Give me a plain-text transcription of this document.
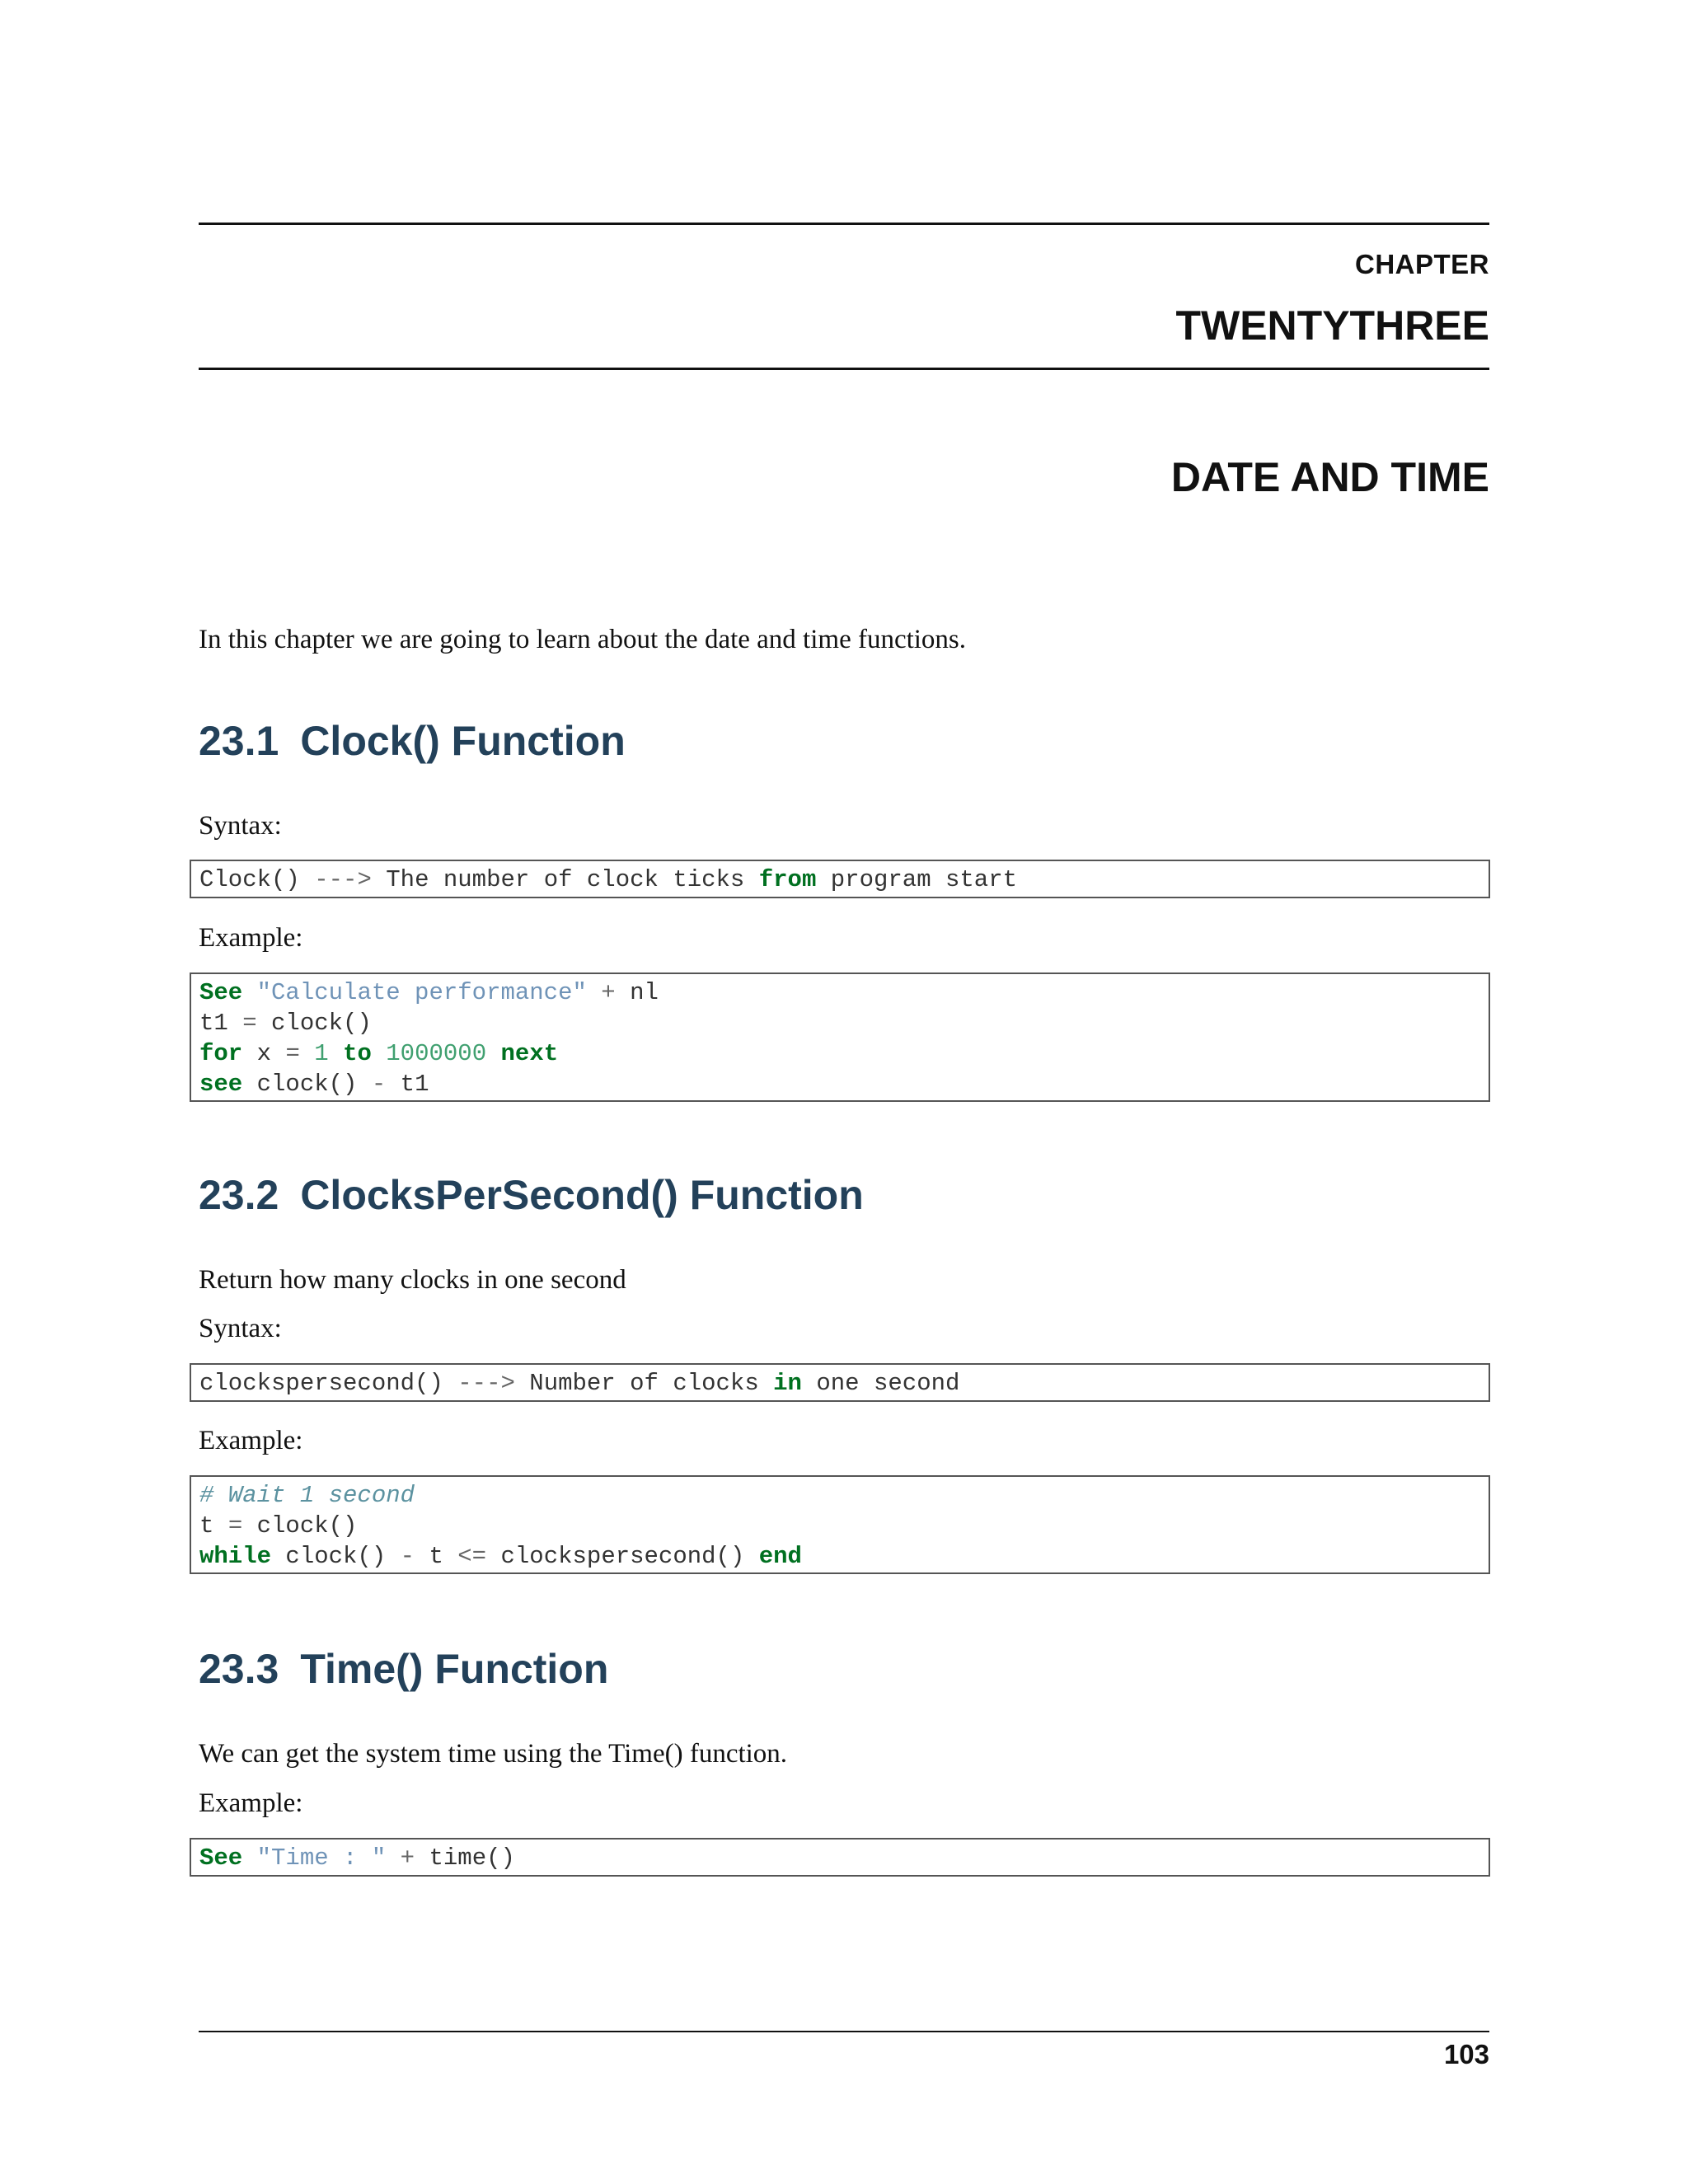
CHAPTER
TWENTYTHREE
DATE AND TIME
In this chapter we are going to learn about the date and time functions.
23.1 Clock() Function
Syntax:
Clock() ---> The number of clock ticks from program start
Example:
See "Calculate performance" + nl
t1 = clock()
for x = 1 to 1000000 next
see clock() - t1
23.2 ClocksPerSecond() Function
Return how many clocks in one second
Syntax:
clockspersecond() ---> Number of clocks in one second
Example:
# Wait 1 second
t = clock()
while clock() - t <= clockspersecond() end
23.3 Time() Function
We can get the system time using the Time() function.
Example:
See "Time : " + time()
103
